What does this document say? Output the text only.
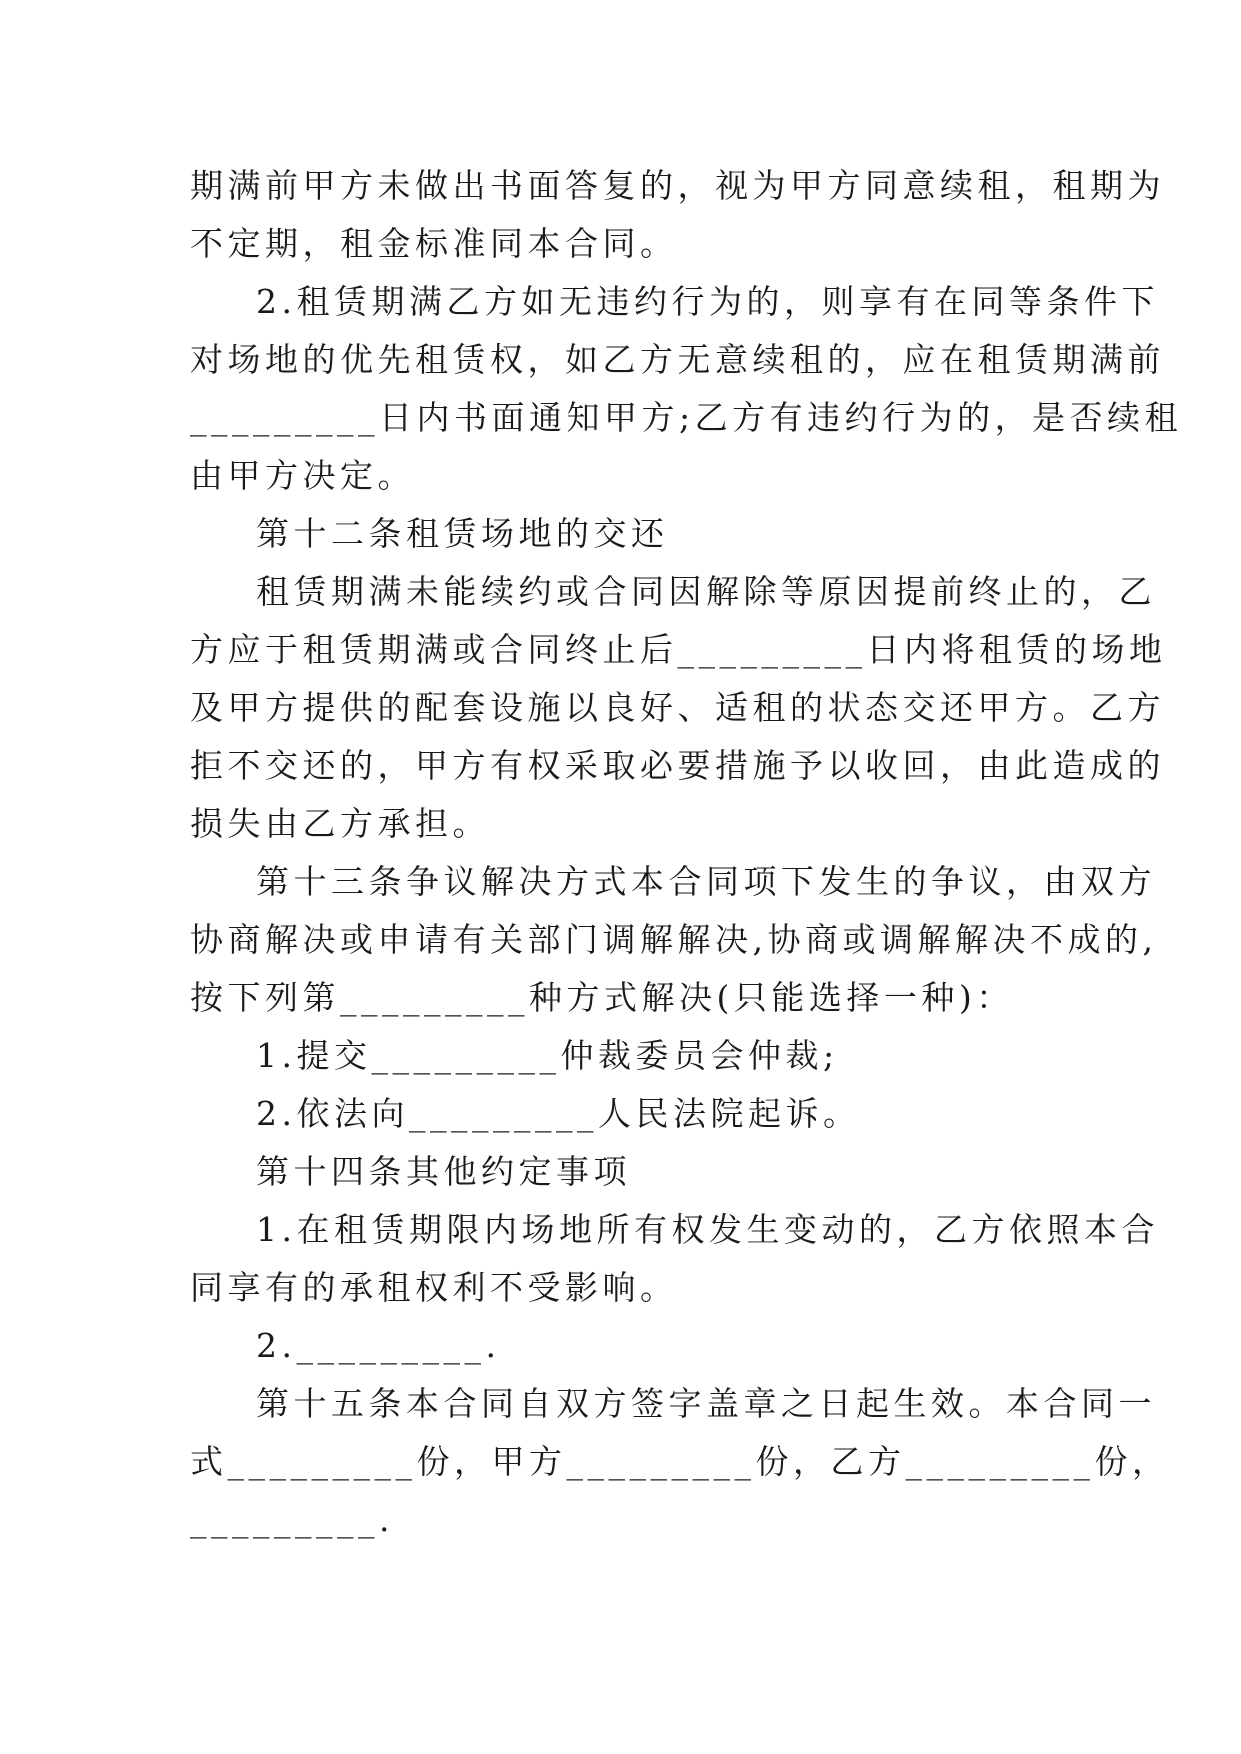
期满前甲方未做出书面答复的，视为甲方同意续租，租期为
不定期，租金标准同本合同。
2.租赁期满乙方如无违约行为的，则享有在同等条件下
对场地的优先租赁权，如乙方无意续租的，应在租赁期满前
_________日内书面通知甲方;乙方有违约行为的，是否续租
由甲方决定。
第十二条租赁场地的交还
租赁期满未能续约或合同因解除等原因提前终止的，乙
方应于租赁期满或合同终止后_________日内将租赁的场地
及甲方提供的配套设施以良好、适租的状态交还甲方。乙方
拒不交还的，甲方有权采取必要措施予以收回，由此造成的
损失由乙方承担。
第十三条争议解决方式本合同项下发生的争议，由双方
协商解决或申请有关部门调解解决,协商或调解解决不成的,
按下列第_________种方式解决(只能选择一种)：
1.提交_________仲裁委员会仲裁;
2.依法向_________人民法院起诉。
第十四条其他约定事项
1.在租赁期限内场地所有权发生变动的，乙方依照本合
同享有的承租权利不受影响。
2._________.
第十五条本合同自双方签字盖章之日起生效。本合同一
式_________份，甲方_________份，乙方_________份，
_________.
